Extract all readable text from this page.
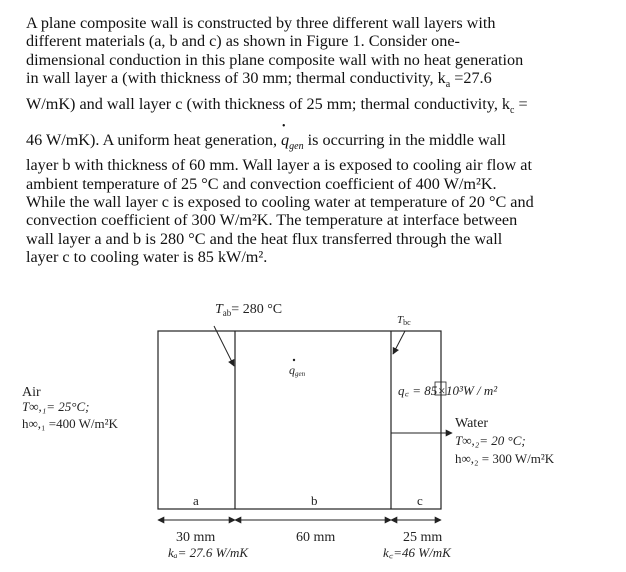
A plane composite wall is constructed by three different wall layers with

different materials (a, b and c) as shown in Figure 1. Consider one-

dimensional conduction in this plane composite wall with no heat generation

in wall layer a (with thickness of 30 mm; thermal conductivity, $k_a =27.6$

W/mK) and wall layer c (with thickness of 25 mm; thermal conductivity, $k_c$ =

46 W/mK). A uniform heat generation, • $q_{gen}$ is occurring in the middle wall

layer b with thickness of 60 mm. Wall layer a is exposed to cooling air flow at

ambient temperature of 25 °C and convection coefficient of 400 W/m²K.

While the wall layer c is exposed to cooling water at temperature of 20 °C and

convection coefficient of 300 W/m²K. The temperature at interface between

wall layer a and b is 280 °C and the heat flux transferred through the wall

layer c to cooling water is 85 kW/m².

$T_{ab}= 280$ °C
Tbc
qgen
Air
T∞,₁= 25°C;
h∞,₁ =400 W/m²K
q꜀ = 85×10³W / m²
Water
T∞,₂= 20 °C;
h∞,₂ = 300 W/m²K
a	b	c
30 mm	60 mm	25 mm
kₐ= 27.6 W/mK	k꜀=46 W/mK
